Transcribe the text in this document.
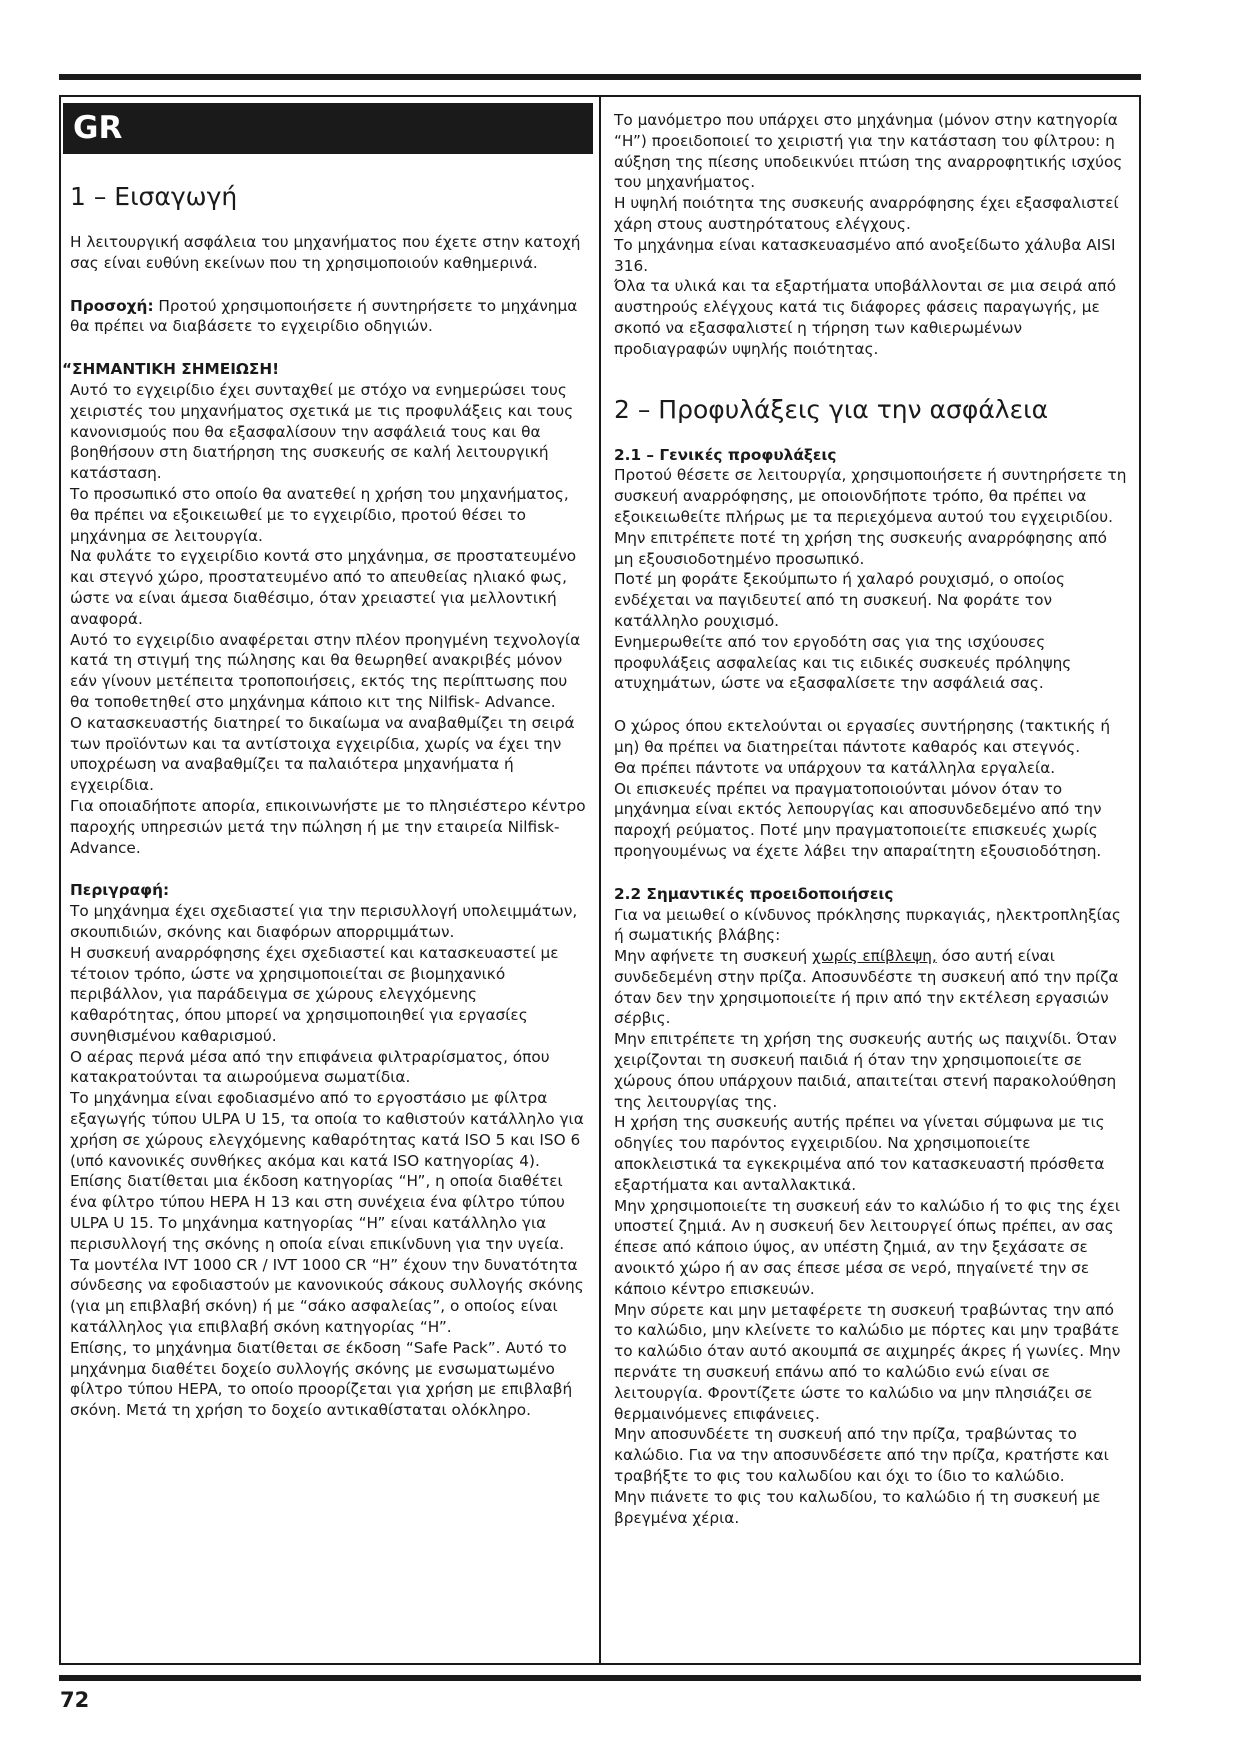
GR
1 – Εισαγωγή

Η λειτουργική ασφάλεια του μηχανήματος που έχετε στην κατοχή σας είναι ευθύνη εκείνων που τη χρησιμοποιούν καθημερινά.

Προσοχή: Προτού χρησιμοποιήσετε ή συντηρήσετε το μηχάνημα θα πρέπει να διαβάσετε το εγχειρίδιο οδηγιών.

“ΣΗΜΑΝΤΙΚΗ ΣΗΜΕΙΩΣΗ!

Αυτό το εγχειρίδιο έχει συνταχθεί με στόχο να ενημερώσει τους χειριστές του μηχανήματος σχετικά με τις προφυλάξεις και τους κανονισμούς που θα εξασφαλίσουν την ασφάλειά τους και θα βοηθήσουν στη διατήρηση της συσκευής σε καλή λειτουργική κατάσταση.

Το προσωπικό στο οποίο θα ανατεθεί η χρήση του μηχανήματος, θα πρέπει να εξοικειωθεί με το εγχειρίδιο, προτού θέσει το μηχάνημα σε λειτουργία.

Να φυλάτε το εγχειρίδιο κοντά στο μηχάνημα, σε προστατευμένο και στεγνό χώρο, προστατευμένο από το απευθείας ηλιακό φως, ώστε να είναι άμεσα διαθέσιμο, όταν χρειαστεί για μελλοντική αναφορά.

Αυτό το εγχειρίδιο αναφέρεται στην πλέον προηγμένη τεχνολογία κατά τη στιγμή της πώλησης και θα θεωρηθεί ανακριβές μόνον εάν γίνουν μετέπειτα τροποποιήσεις, εκτός της περίπτωσης που θα τοποθετηθεί στο μηχάνημα κάποιο κιτ της Nilfisk- Advance.

Ο κατασκευαστής διατηρεί το δικαίωμα να αναβαθμίζει τη σειρά των προϊόντων και τα αντίστοιχα εγχειρίδια, χωρίς να έχει την υποχρέωση να αναβαθμίζει τα παλαιότερα μηχανήματα ή εγχειρίδια.

Για οποιαδήποτε απορία, επικοινωνήστε με το πλησιέστερο κέντρο παροχής υπηρεσιών μετά την πώληση ή με την εταιρεία Nilfisk- Advance.

Περιγραφή:

Το μηχάνημα έχει σχεδιαστεί για την περισυλλογή υπολειμμάτων, σκουπιδιών, σκόνης και διαφόρων απορριμμάτων.

Η συσκευή αναρρόφησης έχει σχεδιαστεί και κατασκευαστεί με τέτοιον τρόπο, ώστε να χρησιμοποιείται σε βιομηχανικό περιβάλλον, για παράδειγμα σε χώρους ελεγχόμενης καθαρότητας, όπου μπορεί να χρησιμοποιηθεί για εργασίες συνηθισμένου καθαρισμού.

Ο αέρας περνά μέσα από την επιφάνεια φιλτραρίσματος, όπου κατακρατούνται τα αιωρούμενα σωματίδια.

Το μηχάνημα είναι εφοδιασμένο από το εργοστάσιο με φίλτρα εξαγωγής τύπου ULPA U 15, τα οποία το καθιστούν κατάλληλο για χρήση σε χώρους ελεγχόμενης καθαρότητας κατά ISO 5 και ISO 6 (υπό κανονικές συνθήκες ακόμα και κατά ISO κατηγορίας 4).

Επίσης διατίθεται μια έκδοση κατηγορίας “H”, η οποία διαθέτει ένα φίλτρο τύπου HEPA H 13 και στη συνέχεια ένα φίλτρο τύπου ULPA U 15. Το μηχάνημα κατηγορίας “H” είναι κατάλληλο για περισυλλογή της σκόνης η οποία είναι επικίνδυνη για την υγεία.

Τα μοντέλα IVT 1000 CR / IVT 1000 CR “H” έχουν την δυνατότητα σύνδεσης να εφοδιαστούν με κανονικούς σάκους συλλογής σκόνης (για μη επιβλαβή σκόνη) ή με “σάκο ασφαλείας”, ο οποίος είναι κατάλληλος για επιβλαβή σκόνη κατηγορίας “H”.

Επίσης, το μηχάνημα διατίθεται σε έκδοση “Safe Pack”. Αυτό το μηχάνημα διαθέτει δοχείο συλλογής σκόνης με ενσωματωμένο φίλτρο τύπου HEPA, το οποίο προορίζεται για χρήση με επιβλαβή σκόνη. Μετά τη χρήση το δοχείο αντικαθίσταται ολόκληρο.

Το μανόμετρο που υπάρχει στο μηχάνημα (μόνον στην κατηγορία “H”) προειδοποιεί το χειριστή για την κατάσταση του φίλτρου: η αύξηση της πίεσης υποδεικνύει πτώση της αναρροφητικής ισχύος του μηχανήματος.

Η υψηλή ποιότητα της συσκευής αναρρόφησης έχει εξασφαλιστεί χάρη στους αυστηρότατους ελέγχους.

Το μηχάνημα είναι κατασκευασμένο από ανοξείδωτο χάλυβα AISI 316.

Όλα τα υλικά και τα εξαρτήματα υποβάλλονται σε μια σειρά από αυστηρούς ελέγχους κατά τις διάφορες φάσεις παραγωγής, με σκοπό να εξασφαλιστεί η τήρηση των καθιερωμένων προδιαγραφών υψηλής ποιότητας.

2 – Προφυλάξεις για την ασφάλεια

2.1 – Γενικές προφυλάξεις

Προτού θέσετε σε λειτουργία, χρησιμοποιήσετε ή συντηρήσετε τη συσκευή αναρρόφησης, με οποιονδήποτε τρόπο, θα πρέπει να εξοικειωθείτε πλήρως με τα περιεχόμενα αυτού του εγχειριδίου.

Μην επιτρέπετε ποτέ τη χρήση της συσκευής αναρρόφησης από μη εξουσιοδοτημένο προσωπικό.

Ποτέ μη φοράτε ξεκούμπωτο ή χαλαρό ρουχισμό, ο οποίος ενδέχεται να παγιδευτεί από τη συσκευή. Να φοράτε τον κατάλληλο ρουχισμό.

Ενημερωθείτε από τον εργοδότη σας για της ισχύουσες προφυλάξεις ασφαλείας και τις ειδικές συσκευές πρόληψης ατυχημάτων, ώστε να εξασφαλίσετε την ασφάλειά σας.

Ο χώρος όπου εκτελούνται οι εργασίες συντήρησης (τακτικής ή μη) θα πρέπει να διατηρείται πάντοτε καθαρός και στεγνός.

Θα πρέπει πάντοτε να υπάρχουν τα κατάλληλα εργαλεία.

Οι επισκευές πρέπει να πραγματοποιούνται μόνον όταν το μηχάνημα είναι εκτός λεπουργίας και αποσυνδεδεμένο από την παροχή ρεύματος. Ποτέ μην πραγματοποιείτε επισκευές χωρίς προηγουμένως να έχετε λάβει την απαραίτητη εξουσιοδότηση.

2.2 Σημαντικές προειδοποιήσεις

Για να μειωθεί ο κίνδυνος πρόκλησης πυρκαγιάς, ηλεκτροπληξίας ή σωματικής βλάβης:

Μην αφήνετε τη συσκευή χωρίς επίβλεψη, όσο αυτή είναι συνδεδεμένη στην πρίζα. Αποσυνδέστε τη συσκευή από την πρίζα όταν δεν την χρησιμοποιείτε ή πριν από την εκτέλεση εργασιών σέρβις.

Μην επιτρέπετε τη χρήση της συσκευής αυτής ως παιχνίδι. Όταν χειρίζονται τη συσκευή παιδιά ή όταν την χρησιμοποιείτε σε χώρους όπου υπάρχουν παιδιά, απαιτείται στενή παρακολούθηση της λειτουργίας της.

Η χρήση της συσκευής αυτής πρέπει να γίνεται σύμφωνα με τις οδηγίες του παρόντος εγχειριδίου. Να χρησιμοποιείτε αποκλειστικά τα εγκεκριμένα από τον κατασκευαστή πρόσθετα εξαρτήματα και ανταλλακτικά.

Μην χρησιμοποιείτε τη συσκευή εάν το καλώδιο ή το φις της έχει υποστεί ζημιά. Αν η συσκευή δεν λειτουργεί όπως πρέπει, αν σας έπεσε από κάποιο ύψος, αν υπέστη ζημιά, αν την ξεχάσατε σε ανοικτό χώρο ή αν σας έπεσε μέσα σε νερό, πηγαίνετέ την σε κάποιο κέντρο επισκευών.

Μην σύρετε και μην μεταφέρετε τη συσκευή τραβώντας την από το καλώδιο, μην κλείνετε το καλώδιο με πόρτες και μην τραβάτε το καλώδιο όταν αυτό ακουμπά σε αιχμηρές άκρες ή γωνίες. Μην περνάτε τη συσκευή επάνω από το καλώδιο ενώ είναι σε λειτουργία. Φροντίζετε ώστε το καλώδιο να μην πλησιάζει σε θερμαινόμενες επιφάνειες.

Μην αποσυνδέετε τη συσκευή από την πρίζα, τραβώντας το καλώδιο. Για να την αποσυνδέσετε από την πρίζα, κρατήστε και τραβήξτε το φις του καλωδίου και όχι το ίδιο το καλώδιο.

Μην πιάνετε το φις του καλωδίου, το καλώδιο ή τη συσκευή με βρεγμένα χέρια.

72
